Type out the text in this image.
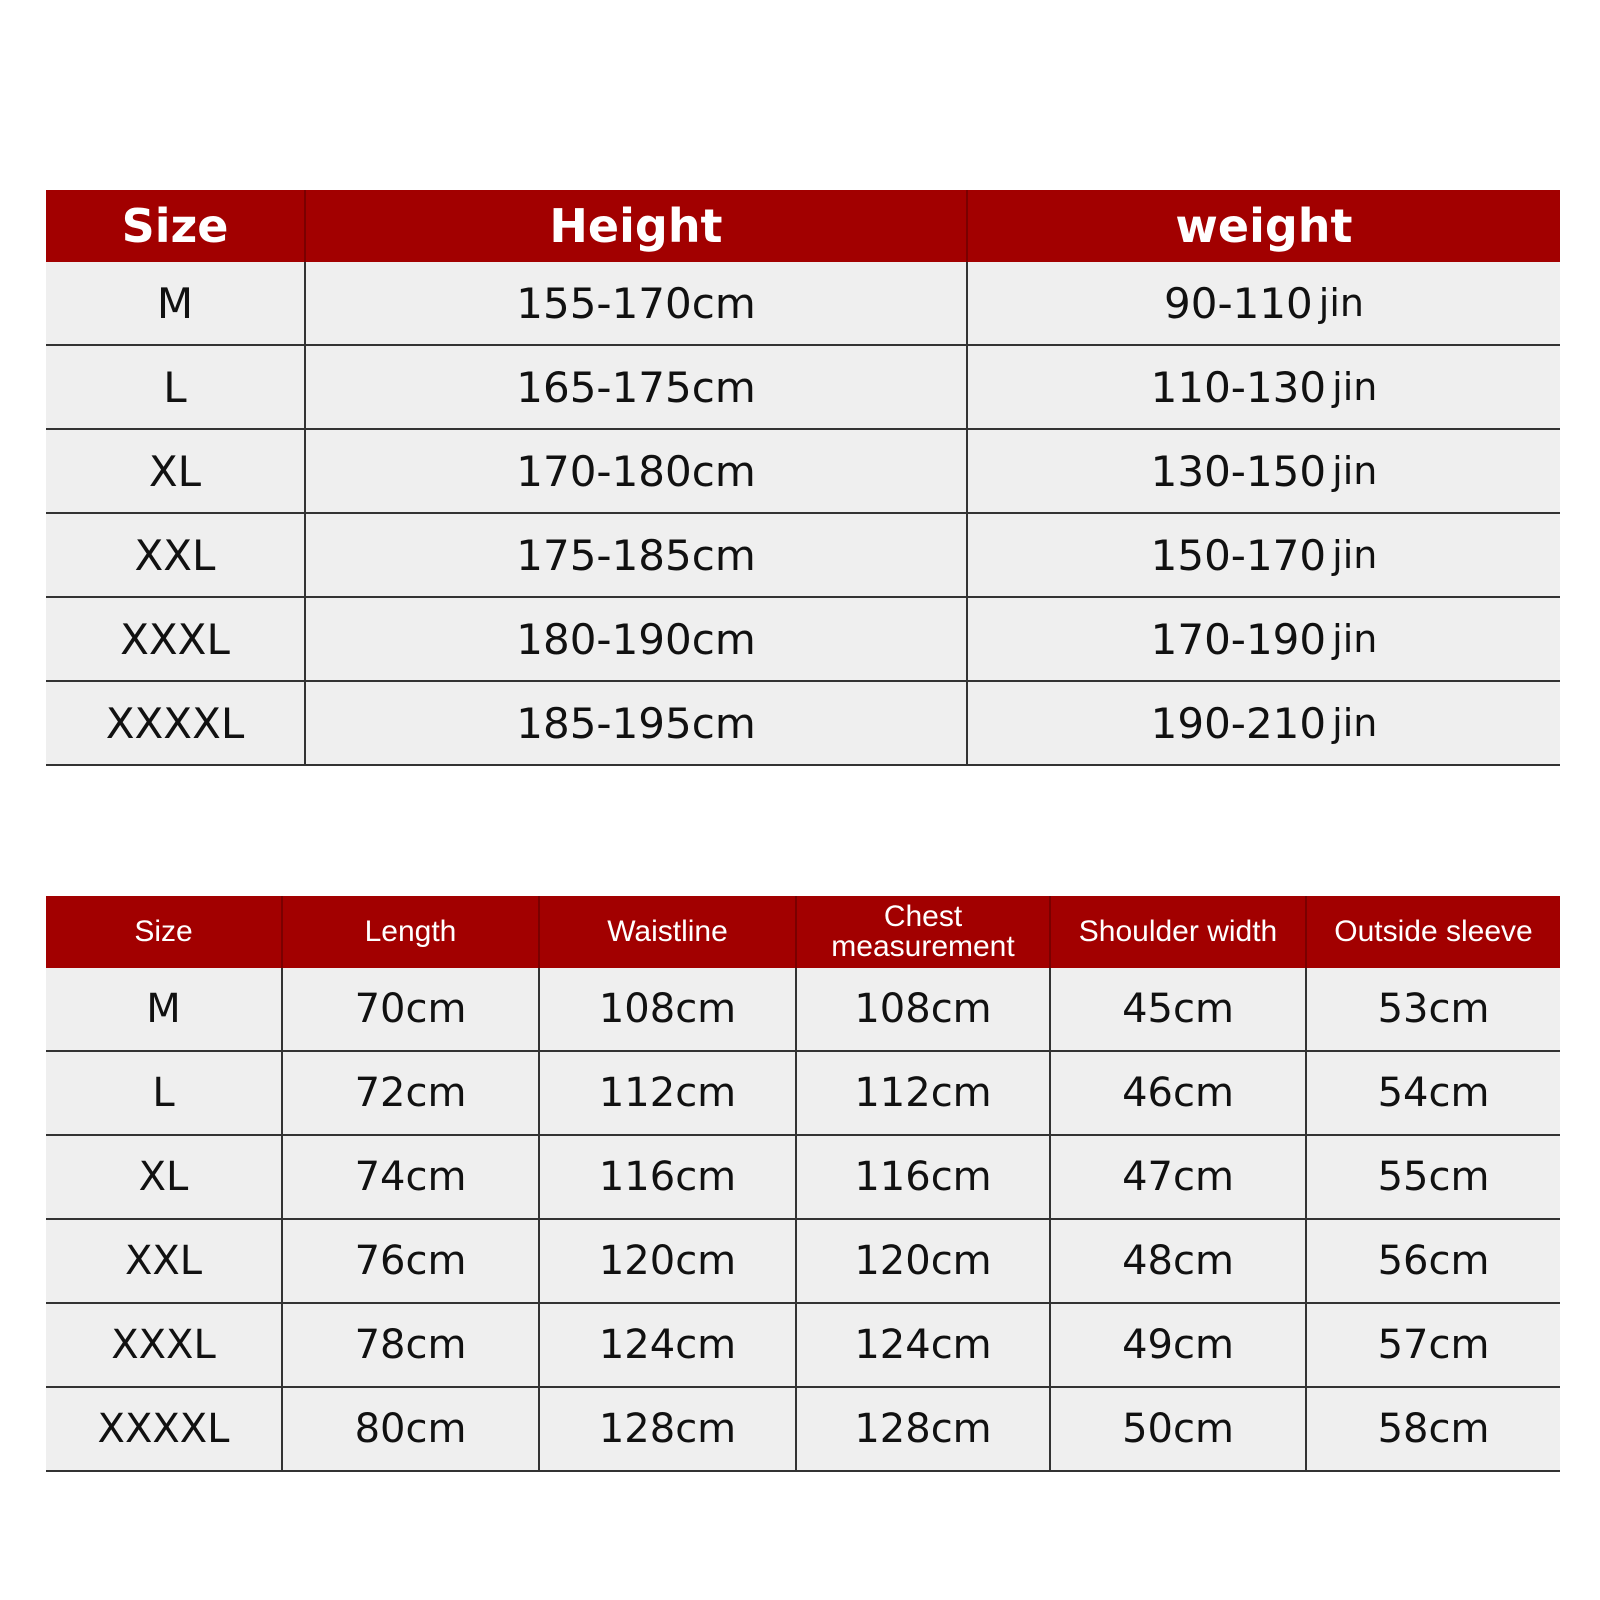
Size	Height	weight
M	155-170cm	90-110 jin
L	165-175cm	110-130 jin
XL	170-180cm	130-150 jin
XXL	175-185cm	150-170 jin
XXXL	180-190cm	170-190 jin
XXXXL	185-195cm	190-210 jin
Size	Length	Waistline	Chest measurement	Shoulder width	Outside sleeve
M	70cm	108cm	108cm	45cm	53cm
L	72cm	112cm	112cm	46cm	54cm
XL	74cm	116cm	116cm	47cm	55cm
XXL	76cm	120cm	120cm	48cm	56cm
XXXL	78cm	124cm	124cm	49cm	57cm
XXXXL	80cm	128cm	128cm	50cm	58cm
